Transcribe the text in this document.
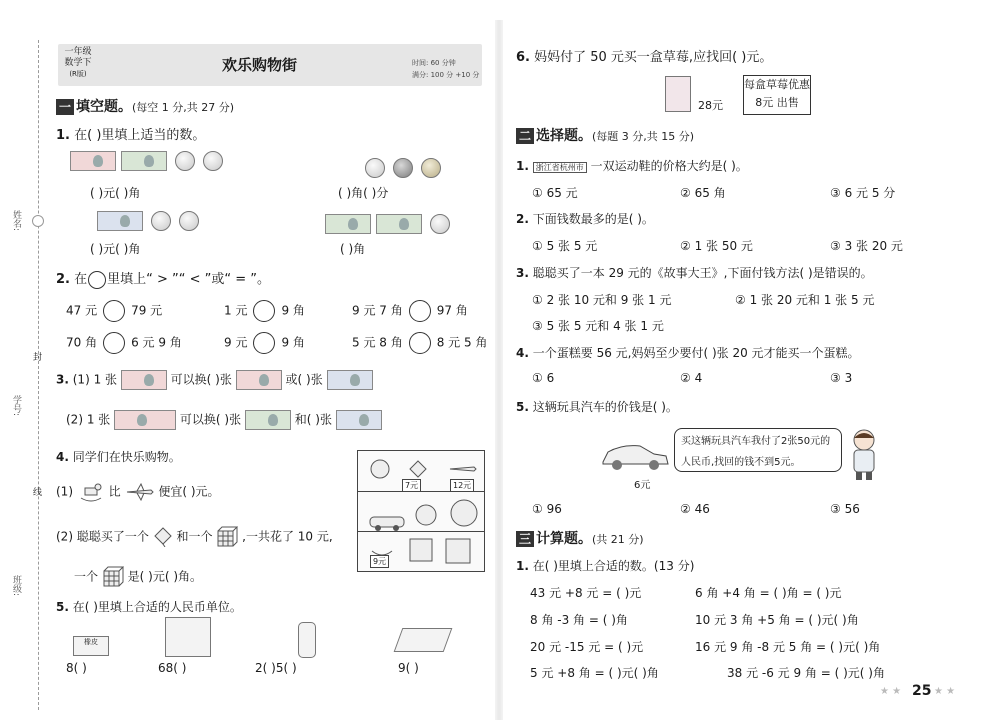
姓名:
学号:
班级:
封
线
一年级
数学下
(R版)	欢乐购物街	时间: 60 分钟
满分: 100 分 +10 分
一 填空题。(每空 1 分,共 27 分)
1. 在( )里填上适当的数。

( )元( )角
	( )角( )分

( )元( )角
	( )角
2. 在 里填上“ > ”“ < ”或“ = ”。
47 元	79 元	1 元	9 角	9 元 7 角	97 角
70 角	6 元 9 角	9 元	9 角	5 元 8 角	8 元 5 角
3. (1) 1 张	可以换( )张	或( )张
(2) 1 张	可以换( )张	和( )张
4. 同学们在快乐购物。
(1)	比	便宜( )元。
(2) 聪聪买了一个 和一个 ,一共花了 10 元,
一个 是( )元( )角。
7元	12元
9元
5. 在( )里填上合适的人民币单位。
橡皮
8( )	68( )	2( )5( )	9( )
6. 妈妈付了 50 元买一盒草莓,应找回( )元。
28元
每盒草莓优惠
8元 出售
二 选择题。(每题 3 分,共 15 分)
1. 浙江省杭州市 一双运动鞋的价格大约是( )。
① 65 元	② 65 角	③ 6 元 5 分
2. 下面钱数最多的是( )。
① 5 张 5 元	② 1 张 50 元	③ 3 张 20 元
3. 聪聪买了一本 29 元的《故事大王》,下面付钱方法( )是错误的。
① 2 张 10 元和 9 张 1 元	② 1 张 20 元和 1 张 5 元
③ 5 张 5 元和 4 张 1 元
4. 一个蛋糕要 56 元,妈妈至少要付( )张 20 元才能买一个蛋糕。
① 6	② 4	③ 3
5. 这辆玩具汽车的价钱是( )。
6元
买这辆玩具汽车我付了2张50元的人民币,找回的钱不到5元。
① 96	② 46	③ 56
三 计算题。(共 21 分)
1. 在( )里填上合适的数。(13 分)
43 元 +8 元 = ( )元	6 角 +4 角 = ( )角 = ( )元
8 角 -3 角 = ( )角	10 元 3 角 +5 角 = ( )元( )角
20 元 -15 元 = ( )元	16 元 9 角 -8 元 5 角 = ( )元( )角
5 元 +8 角 = ( )元( )角	38 元 -6 元 9 角 = ( )元( )角
★ ★ 25 ★ ★
